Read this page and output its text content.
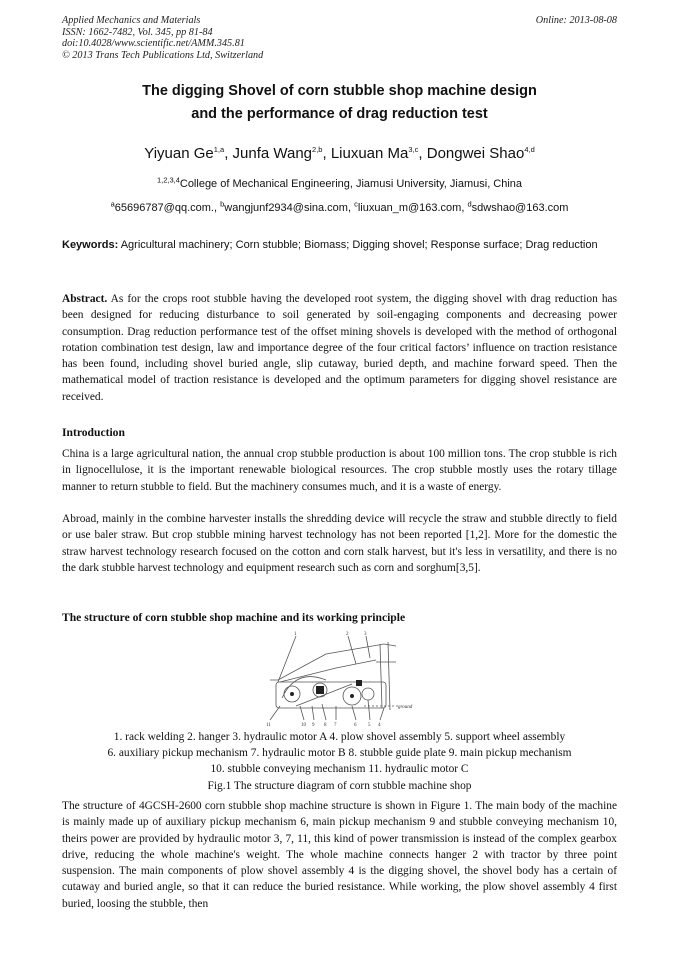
Applied Mechanics and Materials
ISSN: 1662-7482, Vol. 345, pp 81-84
doi:10.4028/www.scientific.net/AMM.345.81
© 2013 Trans Tech Publications Ltd, Switzerland
Online: 2013-08-08
The digging Shovel of corn stubble shop machine design
and the performance of drag reduction test
Yiyuan Ge$^{1,a}$, Junfa Wang$^{2,b}$, Liuxuan Ma$^{3,c}$, Dongwei Shao$^{4,d}$
$^{1,2,3,4}$College of Mechanical Engineering, Jiamusi University, Jiamusi, China
$^a$65696787@qq.com., $^b$wangjunf2934@sina.com, $^c$liuxuan_m@163.com, $^d$sdwshao@163.com
Keywords: Agricultural machinery; Corn stubble; Biomass; Digging shovel; Response surface; Drag reduction

Abstract. As for the crops root stubble having the developed root system, the digging shovel with drag reduction has been designed for reducing disturbance to soil generated by soil-engaging components and decreasing power consumption. Drag reduction performance test of the offset mining shovels is developed with the method of orthogonal rotation combination test design, law and importance degree of the four critical factors’ influence on traction resistance has been found, including shovel buried angle, slip cutaway, buried depth, and machine forward speed. Then the mathematical model of traction resistance is developed and the optimum parameters for digging shovel resistance are received.

Introduction

China is a large agricultural nation, the annual crop stubble production is about 100 million tons. The crop stubble is rich in lignocellulose, it is the important renewable biological resources. The crop stubble mostly uses the rotary tillage manner to return stubble to field. But the machinery consumes much, and it is a waste of energy.

Abroad, mainly in the combine harvester installs the shredding device will recycle the straw and stubble directly to field or use baler straw. But crop stubble mining harvest technology has not been reported [1,2]. More for the domestic the straw harvest technology research focused on the cotton and corn stalk harvest, but it's less in versatility, and there is no the dark stubble harvest technology and equipment research such as corn and sorghum[3,5].

The structure of corn stubble shop machine and its working principle
1	2	3
11	10 9 8 7	6 5 4
ground
1. rack welding 2. hanger 3. hydraulic motor A 4. plow shovel assembly 5. support wheel assembly
6. auxiliary pickup mechanism 7. hydraulic motor B 8. stubble guide plate 9. main pickup mechanism
10. stubble conveying mechanism 11. hydraulic motor C
Fig.1 The structure diagram of corn stubble machine shop

The structure of 4GCSH-2600 corn stubble shop machine structure is shown in Figure 1. The main body of the machine is mainly made up of auxiliary pickup mechanism 6, main pickup mechanism 9 and stubble conveying mechanism 10, theirs power are provided by hydraulic motor 3, 7, 11, this kind of power transmission is instead of the complex gearbox drive, reducing the whole machine's weight. The whole machine connects hanger 2 with tractor by three point suspension. The main components of plow shovel assembly 4 is the digging shovel, the shovel body has a certain of cutaway and buried angle, so that it can reduce the buried resistance. While working, the plow shovel assembly 4 first buried, loosing the stubble, then
